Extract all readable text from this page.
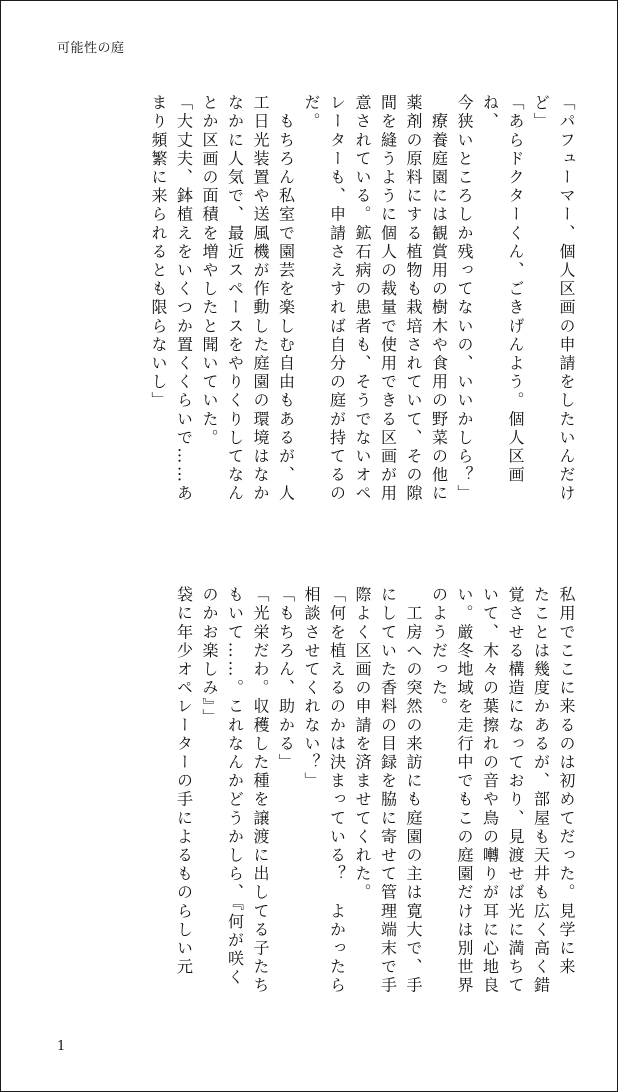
可能性の庭

「パフューマー、個人区画の申請をしたいんだけ

ど」

「あらドクターくん、ごきげんよう。個人区画ね、

今狭いところしか残ってないの、いいかしら？」

　療養庭園には観賞用の樹木や食用の野菜の他に

薬剤の原料にする植物も栽培されていて、その隙

間を縫うように個人の裁量で使用できる区画が用

意されている。鉱石病の患者も、そうでないオペ

レーターも、申請さえすれば自分の庭が持てるの

だ。

　もちろん私室で園芸を楽しむ自由もあるが、人

工日光装置や送風機が作動した庭園の環境はなか

なかに人気で、最近スペースをやりくりしてなん

とか区画の面積を増やしたと聞いていた。

「大丈夫、鉢植えをいくつか置くくらいで……あ

まり頻繁に来られるとも限らないし」

私用でここに来るのは初めてだった。見学に来

たことは幾度かあるが、部屋も天井も広く高く錯

覚させる構造になっており、見渡せば光に満ちて

いて、木々の葉擦れの音や鳥の囀りが耳に心地良

い。厳冬地域を走行中でもこの庭園だけは別世界

のようだった。

　工房への突然の来訪にも庭園の主は寛大で、手

にしていた香料の目録を脇に寄せて管理端末で手

際よく区画の申請を済ませてくれた。

「何を植えるのかは決まっている？　よかったら

相談させてくれない？」

「もちろん、助かる」

「光栄だわ。収穫した種を譲渡に出してる子たち

もいて……。これなんかどうかしら、『何が咲く

のかお楽しみ』」

袋に年少オペレーターの手によるものらしい元

1
